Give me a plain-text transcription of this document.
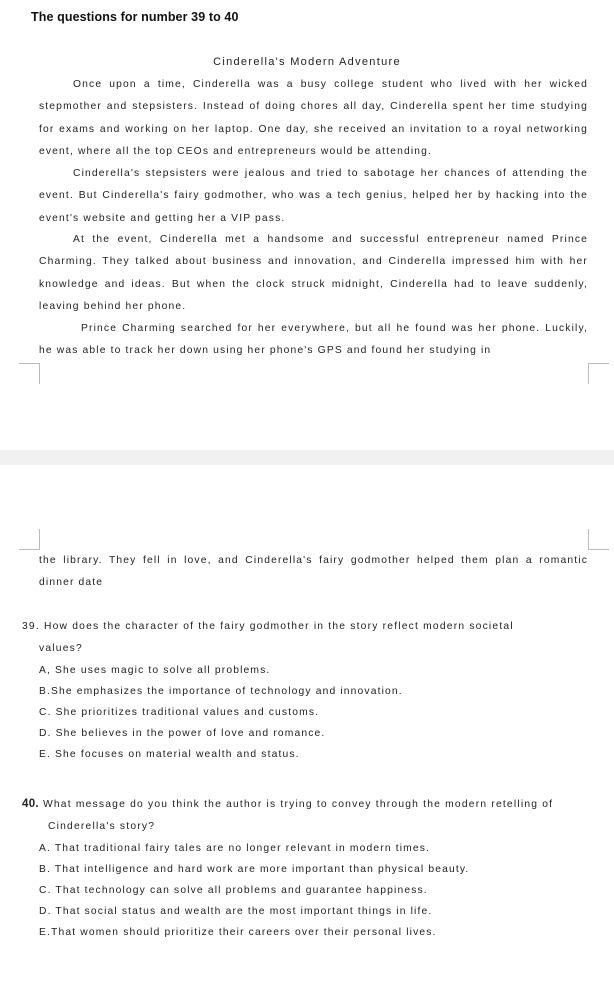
The questions for number 39 to 40
Cinderella's Modern Adventure

Once upon a time, Cinderella was a busy college student who lived with her wicked stepmother and stepsisters. Instead of doing chores all day, Cinderella spent her time studying for exams and working on her laptop. One day, she received an invitation to a royal networking event, where all the top CEOs and entrepreneurs would be attending.

Cinderella's stepsisters were jealous and tried to sabotage her chances of attending the event. But Cinderella's fairy godmother, who was a tech genius, helped her by hacking into the event's website and getting her a VIP pass.

At the event, Cinderella met a handsome and successful entrepreneur named Prince Charming. They talked about business and innovation, and Cinderella impressed him with her knowledge and ideas. But when the clock struck midnight, Cinderella had to leave suddenly, leaving behind her phone.

Prince Charming searched for her everywhere, but all he found was her phone. Luckily, he was able to track her down using her phone's GPS and found her studying in

the library. They fell in love, and Cinderella's fairy godmother helped them plan a romantic dinner date

39. How does the character of the fairy godmother in the story reflect modern societal
values?

A, She uses magic to solve all problems.
B.She emphasizes the importance of technology and innovation.
C. She prioritizes traditional values and customs.
D. She believes in the power of love and romance.
E. She focuses on material wealth and status.

40. What message do you think the author is trying to convey through the modern retelling of
Cinderella's story?

A. That traditional fairy tales are no longer relevant in modern times.
B. That intelligence and hard work are more important than physical beauty.
C. That technology can solve all problems and guarantee happiness.
D. That social status and wealth are the most important things in life.
E.That women should prioritize their careers over their personal lives.
